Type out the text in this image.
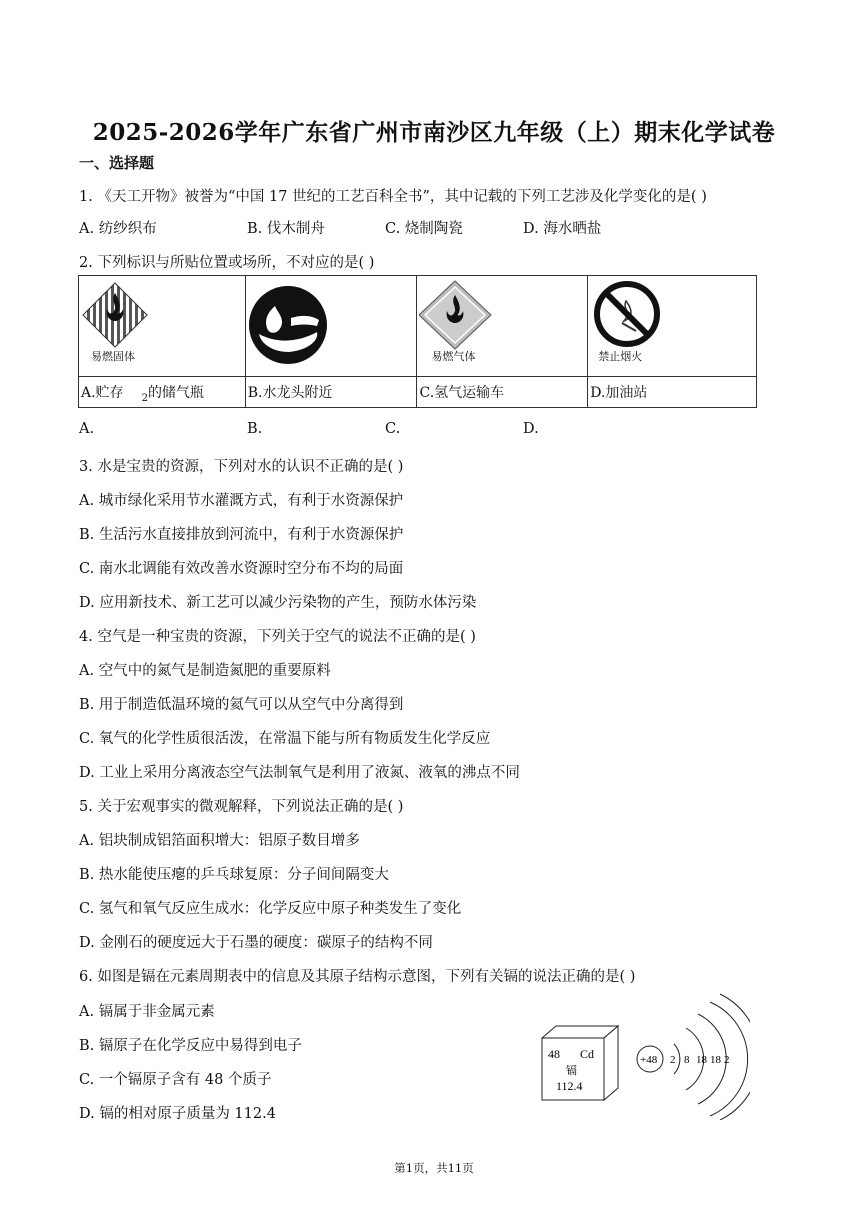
2025-2026学年广东省广州市南沙区九年级（上）期末化学试卷
一、选择题
1. 《天工开物》被誉为“中国 17 世纪的工艺百科全书”，其中记载的下列工艺涉及化学变化的是( )
A. 纺纱织布	B. 伐木制舟	C. 烧制陶瓷	D. 海水晒盐
2. 下列标识与所贴位置或场所，不对应的是( )
易燃固体		易燃气体	禁止烟火

A.贮存 $_2$的储气瓶	B.水龙头附近	C.氢气运输车	D.加油站
A.	B.	C.	D.
3. 水是宝贵的资源，下列对水的认识不正确的是( )
A. 城市绿化采用节水灌溉方式，有利于水资源保护
B. 生活污水直接排放到河流中，有利于水资源保护
C. 南水北调能有效改善水资源时空分布不均的局面
D. 应用新技术、新工艺可以减少污染物的产生，预防水体污染
4. 空气是一种宝贵的资源，下列关于空气的说法不正确的是( )
A. 空气中的氮气是制造氮肥的重要原料
B. 用于制造低温环境的氦气可以从空气中分离得到
C. 氧气的化学性质很活泼，在常温下能与所有物质发生化学反应
D. 工业上采用分离液态空气法制氧气是利用了液氮、液氧的沸点不同
5. 关于宏观事实的微观解释，下列说法正确的是( )
A. 铝块制成铝箔面积增大：铝原子数目增多
B. 热水能使压瘪的乒乓球复原：分子间间隔变大
C. 氢气和氧气反应生成水：化学反应中原子种类发生了变化
D. 金刚石的硬度远大于石墨的硬度：碳原子的结构不同
6. 如图是镉在元素周期表中的信息及其原子结构示意图，下列有关镉的说法正确的是( )
A. 镉属于非金属元素
B. 镉原子在化学反应中易得到电子
C. 一个镉原子含有 48 个质子
D. 镉的相对原子质量为 112.4
48 Cd
镉
112.4
+48 2 8 18 18 2
第1页，共11页
